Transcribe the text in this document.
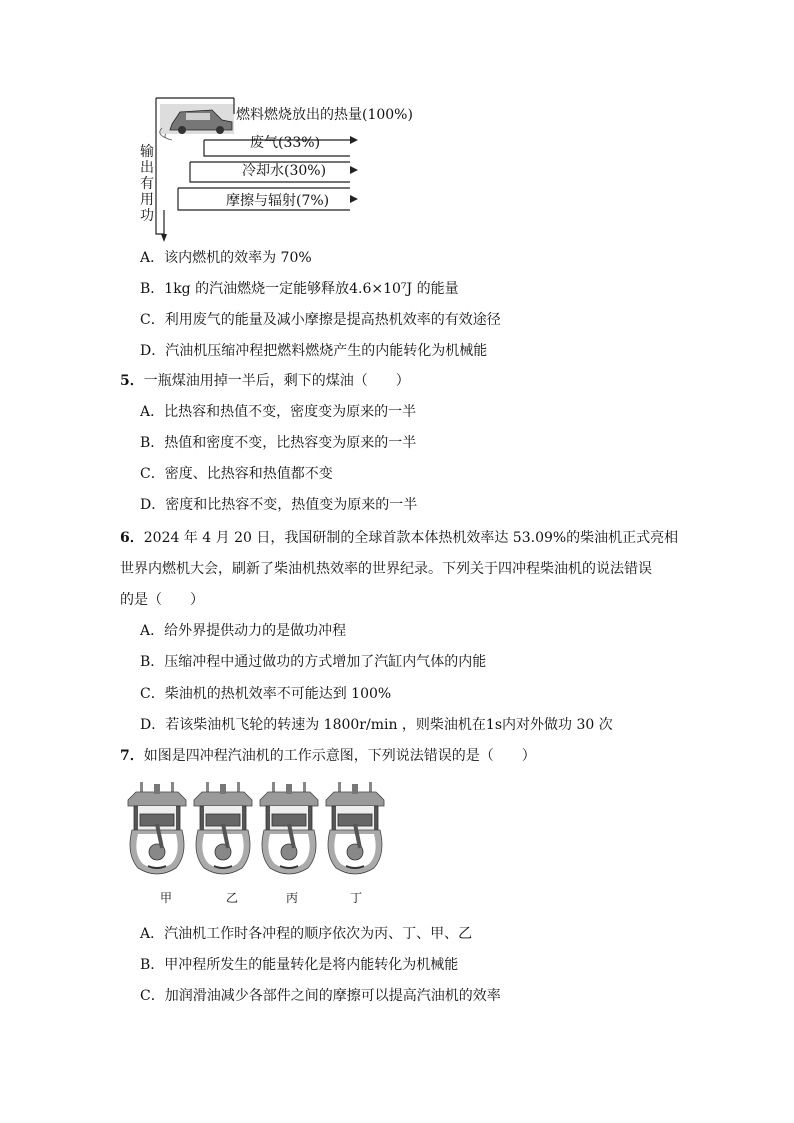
燃料燃烧放出的热量(100%)
废气(33%)
冷却水(30%)
摩擦与辐射(7%)
输
出
有
用
功
A．该内燃机的效率为 70%
B．1kg 的汽油燃烧一定能够释放4.6×10⁷J 的能量
C．利用废气的能量及减小摩擦是提高热机效率的有效途径
D．汽油机压缩冲程把燃料燃烧产生的内能转化为机械能
5．一瓶煤油用掉一半后，剩下的煤油（　　）
A．比热容和热值不变，密度变为原来的一半
B．热值和密度不变，比热容变为原来的一半
C．密度、比热容和热值都不变
D．密度和比热容不变，热值变为原来的一半
6．2024 年 4 月 20 日，我国研制的全球首款本体热机效率达 53.09%的柴油机正式亮相
世界内燃机大会，刷新了柴油机热效率的世界纪录。下列关于四冲程柴油机的说法错误
的是（　　）
A．给外界提供动力的是做功冲程
B．压缩冲程中通过做功的方式增加了汽缸内气体的内能
C．柴油机的热机效率不可能达到 100%
D．若该柴油机飞轮的转速为 1800r/min ，则柴油机在1s内对外做功 30 次
7．如图是四冲程汽油机的工作示意图，下列说法错误的是（　　）
甲	乙	丙	丁
A．汽油机工作时各冲程的顺序依次为丙、丁、甲、乙
B．甲冲程所发生的能量转化是将内能转化为机械能
C．加润滑油减少各部件之间的摩擦可以提高汽油机的效率
